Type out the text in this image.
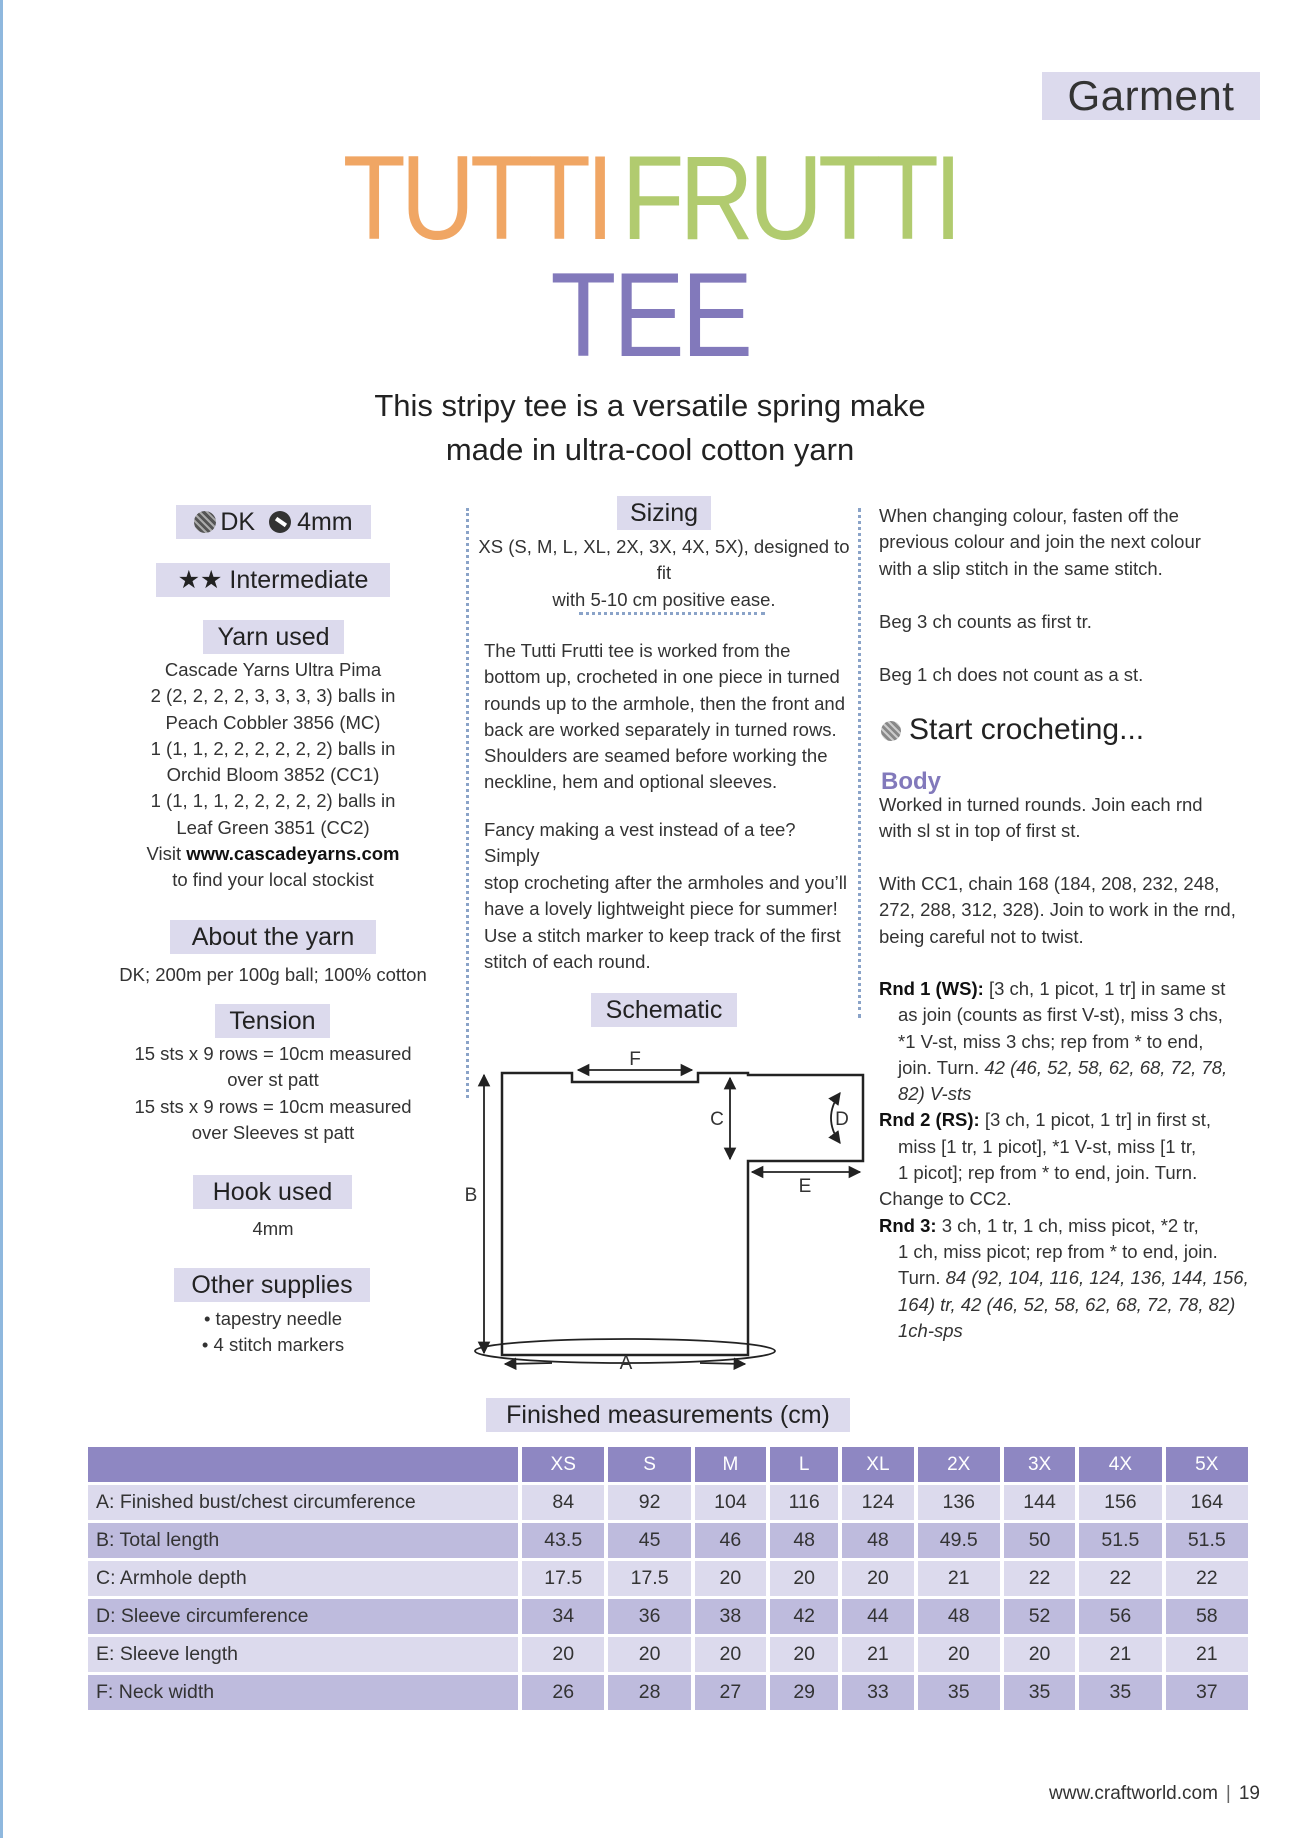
Garment
TUTTI FRUTTI
TEE
This stripy tee is a versatile spring make
made in ultra-cool cotton yarn
DK 4mm
★★ Intermediate
Yarn used
Cascade Yarns Ultra Pima
2 (2, 2, 2, 2, 3, 3, 3, 3) balls in
Peach Cobbler 3856 (MC)
1 (1, 1, 2, 2, 2, 2, 2, 2) balls in
Orchid Bloom 3852 (CC1)
1 (1, 1, 1, 2, 2, 2, 2, 2) balls in
Leaf Green 3851 (CC2)
Visit www.cascadeyarns.com
to find your local stockist
About the yarn
DK; 200m per 100g ball; 100% cotton
Tension
15 sts x 9 rows = 10cm measured
over st patt
15 sts x 9 rows = 10cm measured
over Sleeves st patt
Hook used
4mm
Other supplies
• tapestry needle
• 4 stitch markers
Sizing
XS (S, M, L, XL, 2X, 3X, 4X, 5X), designed to fit
with 5-10 cm positive ease.
The Tutti Frutti tee is worked from the
bottom up, crocheted in one piece in turned
rounds up to the armhole, then the front and
back are worked separately in turned rows.
Shoulders are seamed before working the
neckline, hem and optional sleeves.
Fancy making a vest instead of a tee? Simply
stop crocheting after the armholes and you’ll
have a lovely lightweight piece for summer!
Use a stitch marker to keep track of the first
stitch of each round.
Schematic
B
F
C	D
E
A
When changing colour, fasten off the
previous colour and join the next colour
with a slip stitch in the same stitch.
Beg 3 ch counts as first tr.
Beg 1 ch does not count as a st.
Start crocheting...
Body
Worked in turned rounds. Join each rnd
with sl st in top of first st.
With CC1, chain 168 (184, 208, 232, 248,
272, 288, 312, 328). Join to work in the rnd,
being careful not to twist.
Rnd 1 (WS): [3 ch, 1 picot, 1 tr] in same st
as join (counts as first V-st), miss 3 chs,
*1 V-st, miss 3 chs; rep from * to end,
join. Turn. 42 (46, 52, 58, 62, 68, 72, 78,
82) V-sts
Rnd 2 (RS): [3 ch, 1 picot, 1 tr] in first st,
miss [1 tr, 1 picot], *1 V-st, miss [1 tr,
1 picot]; rep from * to end, join. Turn.
Change to CC2.
Rnd 3: 3 ch, 1 tr, 1 ch, miss picot, *2 tr,
1 ch, miss picot; rep from * to end, join.
Turn. 84 (92, 104, 116, 124, 136, 144, 156,
164) tr, 42 (46, 52, 58, 62, 68, 72, 78, 82)
1ch-sps
Finished measurements (cm)
	XS	S	M	L	XL	2X	3X	4X	5X
A: Finished bust/chest circumference	84	92	104	116	124	136	144	156	164
B: Total length	43.5	45	46	48	48	49.5	50	51.5	51.5
C: Armhole depth	17.5	17.5	20	20	20	21	22	22	22
D: Sleeve circumference	34	36	38	42	44	48	52	56	58
E: Sleeve length	20	20	20	20	21	20	20	21	21
F: Neck width	26	28	27	29	33	35	35	35	37
www.craftworld.com | 19
